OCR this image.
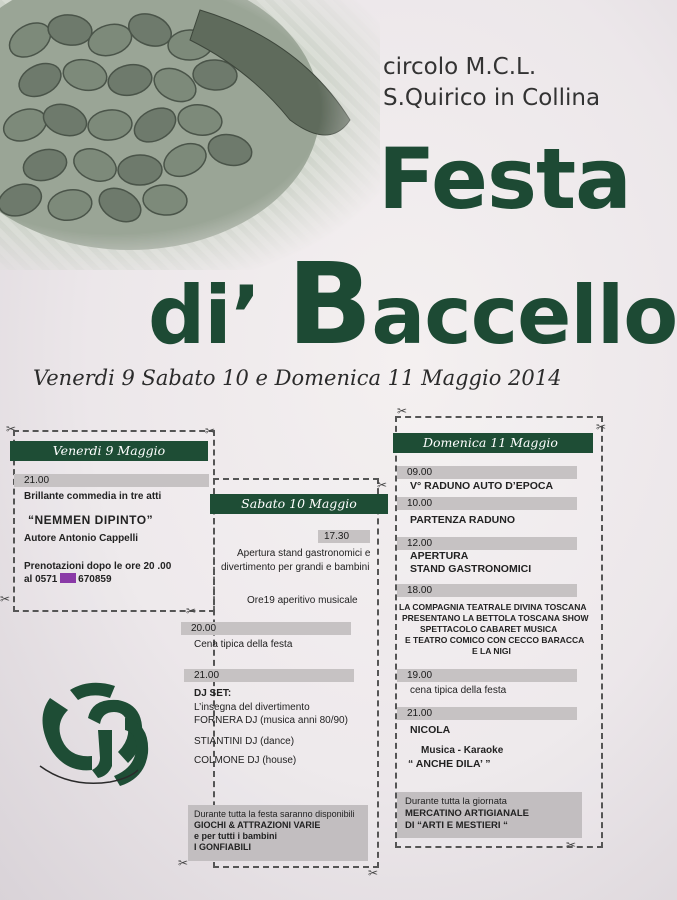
circolo M.C.L.
S.Quirico in Collina
Festa
di’ Baccello
Venerdi 9 Sabato 10 e Domenica 11 Maggio 2014
Venerdi 9 Maggio
21.00
Brillante commedia in tre atti
“NEMMEN DIPINTO”
Autore Antonio Cappelli
Prenotazioni dopo le ore 20 .00
al 0571 670859
Sabato 10 Maggio
17.30
Apertura stand gastronomici e
divertimento per grandi e bambini
Ore19 aperitivo musicale
20.00
Cena tipica della festa
21.00
DJ SET:
L’insegna del divertimento
FORNERA DJ (musica anni 80/90)
STIANTINI DJ (dance)
COLMONE DJ (house)
Durante tutta la festa saranno disponibili
GIOCHI & ATTRAZIONI VARIE
e per tutti i bambini
I GONFIABILI
Domenica 11 Maggio
09.00
V° RADUNO AUTO D’EPOCA
10.00
PARTENZA RADUNO
12.00
APERTURA
STAND GASTRONOMICI
18.00
LA COMPAGNIA TEATRALE DIVINA TOSCANA
PRESENTANO LA BETTOLA TOSCANA SHOW
SPETTACOLO CABARET MUSICA
E TEATRO COMICO CON CECCO BARACCA
E LA NIGI
19.00
cena tipica della festa
21.00
NICOLA
Musica - Karaoke
“ ANCHE DILA’ ”
Durante tutta la giornata
MERCATINO ARTIGIANALE
DI “ARTI E MESTIERI “
✂	✂
✂
✂
✂
✂
✂
✂
✂
✂
